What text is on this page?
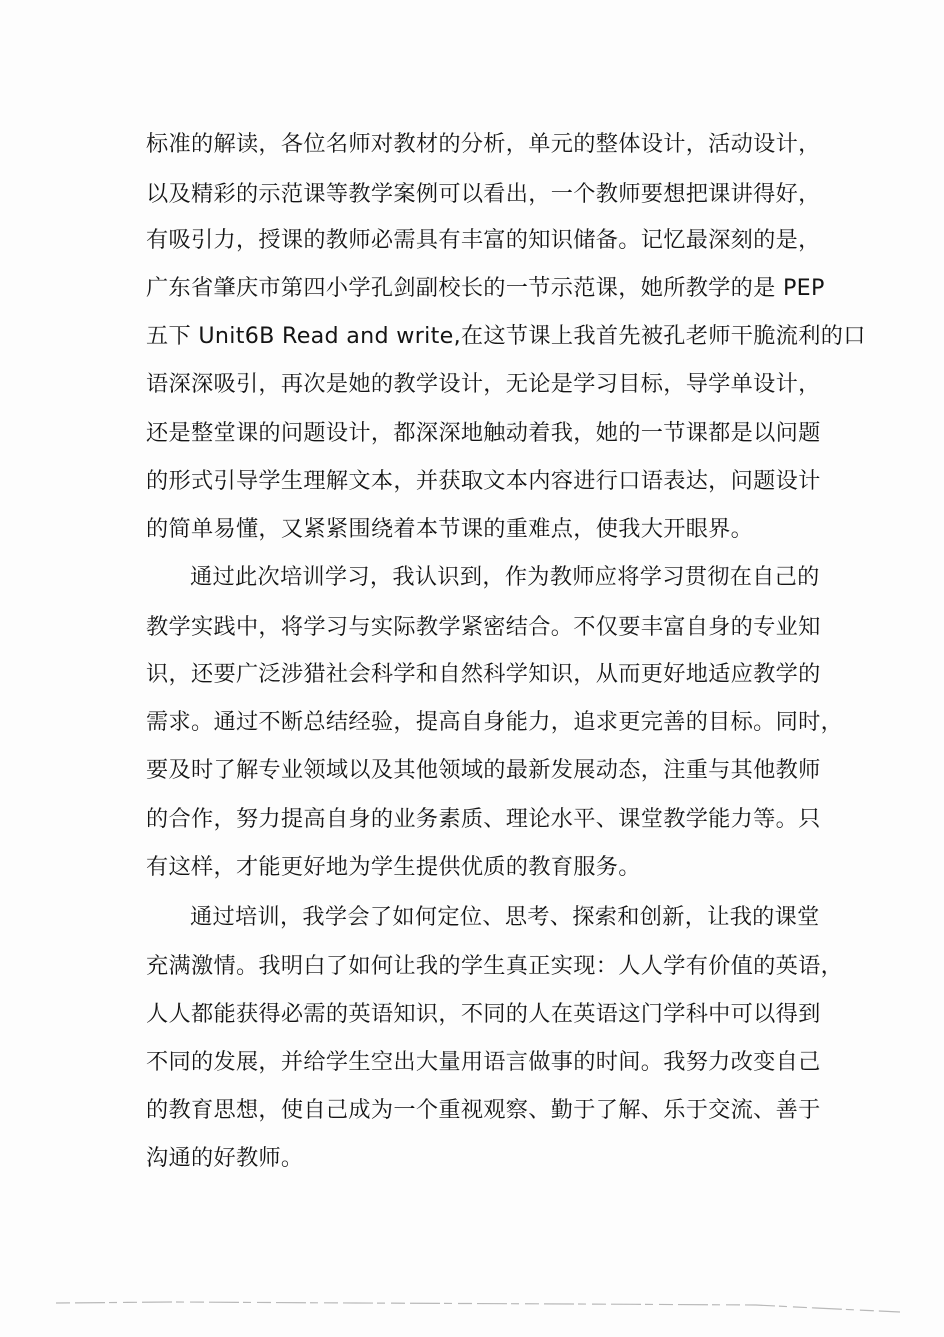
标准的解读，各位名师对教材的分析，单元的整体设计，活动设计，
以及精彩的示范课等教学案例可以看出，一个教师要想把课讲得好，
有吸引力，授课的教师必需具有丰富的知识储备。记忆最深刻的是，
广东省肇庆市第四小学孔剑副校长的一节示范课，她所教学的是 PEP
五下 Unit6B Read and write,在这节课上我首先被孔老师干脆流利的口
语深深吸引，再次是她的教学设计，无论是学习目标，导学单设计，
还是整堂课的问题设计，都深深地触动着我，她的一节课都是以问题
的形式引导学生理解文本，并获取文本内容进行口语表达，问题设计
的简单易懂，又紧紧围绕着本节课的重难点，使我大开眼界。
通过此次培训学习，我认识到，作为教师应将学习贯彻在自己的
教学实践中，将学习与实际教学紧密结合。不仅要丰富自身的专业知
识，还要广泛涉猎社会科学和自然科学知识，从而更好地适应教学的
需求。通过不断总结经验，提高自身能力，追求更完善的目标。同时，
要及时了解专业领域以及其他领域的最新发展动态，注重与其他教师
的合作，努力提高自身的业务素质、理论水平、课堂教学能力等。只
有这样，才能更好地为学生提供优质的教育服务。
通过培训，我学会了如何定位、思考、探索和创新，让我的课堂
充满激情。我明白了如何让我的学生真正实现：人人学有价值的英语，
人人都能获得必需的英语知识，不同的人在英语这门学科中可以得到
不同的发展，并给学生空出大量用语言做事的时间。我努力改变自己
的教育思想，使自己成为一个重视观察、勤于了解、乐于交流、善于
沟通的好教师。
